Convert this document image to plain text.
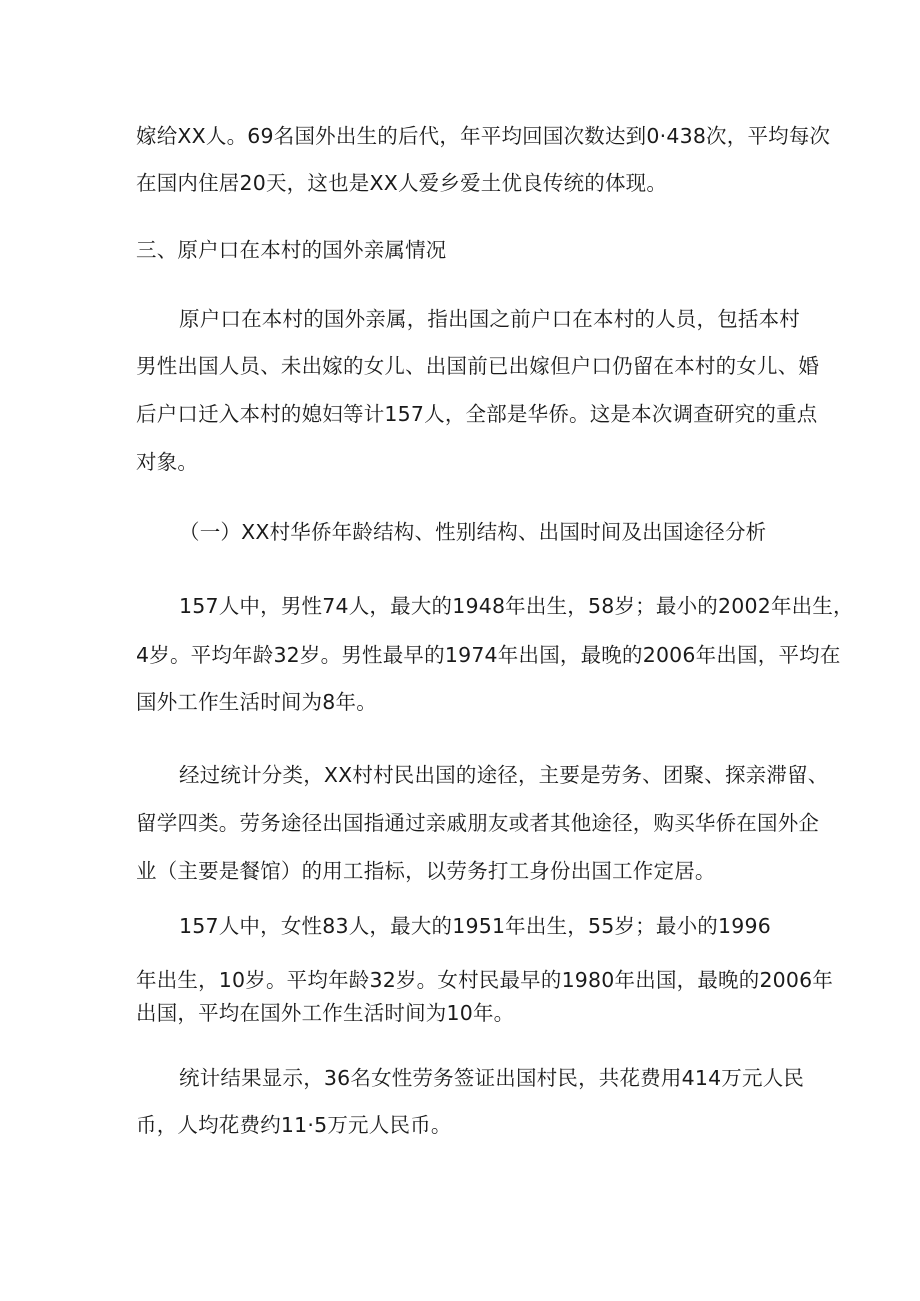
嫁给XX人。69名国外出生的后代，年平均回国次数达到0·438次，平均每次
在国内住居20天，这也是XX人爱乡爱土优良传统的体现。
三、原户口在本村的国外亲属情况
原户口在本村的国外亲属，指出国之前户口在本村的人员，包括本村
男性出国人员、未出嫁的女儿、出国前已出嫁但户口仍留在本村的女儿、婚
后户口迁入本村的媳妇等计157人，全部是华侨。这是本次调查研究的重点
对象。
（一）XX村华侨年龄结构、性别结构、出国时间及出国途径分析
157人中，男性74人，最大的1948年出生，58岁；最小的2002年出生，
4岁。平均年龄32岁。男性最早的1974年出国，最晚的2006年出国，平均在
国外工作生活时间为8年。
经过统计分类，XX村村民出国的途径，主要是劳务、团聚、探亲滞留、
留学四类。劳务途径出国指通过亲戚朋友或者其他途径，购买华侨在国外企
业（主要是餐馆）的用工指标，以劳务打工身份出国工作定居。
157人中，女性83人，最大的1951年出生，55岁；最小的1996
年出生，10岁。平均年龄32岁。女村民最早的1980年出国，最晚的2006年
出国，平均在国外工作生活时间为10年。
统计结果显示，36名女性劳务签证出国村民，共花费用414万元人民
币，人均花费约11·5万元人民币。
